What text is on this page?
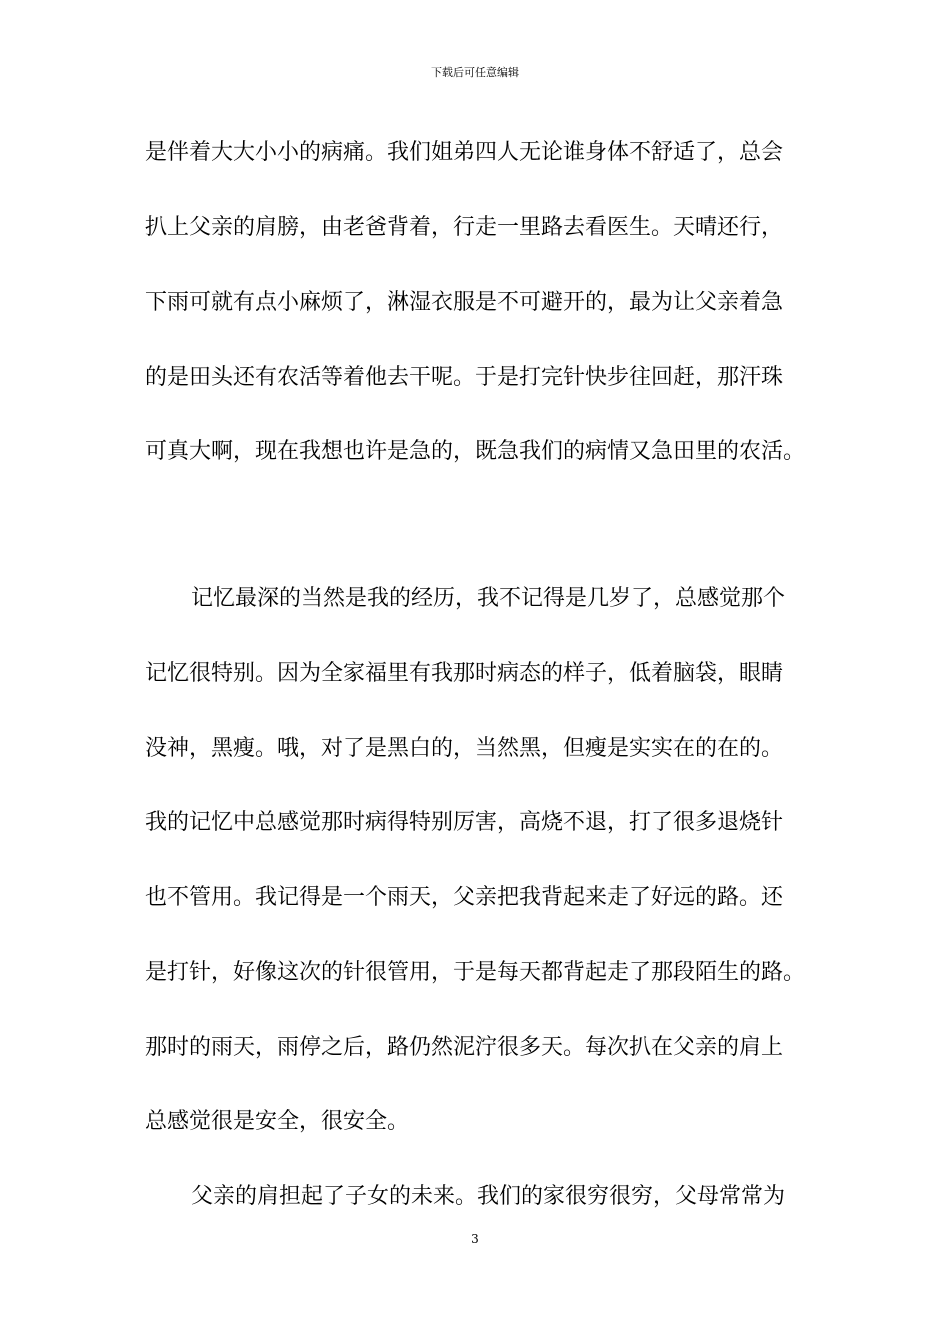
下载后可任意编辑
是伴着大大小小的病痛。我们姐弟四人无论谁身体不舒适了，总会
扒上父亲的肩膀，由老爸背着，行走一里路去看医生。天晴还行，
下雨可就有点小麻烦了，淋湿衣服是不可避开的，最为让父亲着急
的是田头还有农活等着他去干呢。于是打完针快步往回赶，那汗珠
可真大啊，现在我想也许是急的，既急我们的病情又急田里的农活。
记忆最深的当然是我的经历，我不记得是几岁了，总感觉那个
记忆很特别。因为全家福里有我那时病态的样子，低着脑袋，眼睛
没神，黑瘦。哦，对了是黑白的，当然黑，但瘦是实实在的在的。
我的记忆中总感觉那时病得特别厉害，高烧不退，打了很多退烧针
也不管用。我记得是一个雨天，父亲把我背起来走了好远的路。还
是打针，好像这次的针很管用，于是每天都背起走了那段陌生的路。
那时的雨天，雨停之后，路仍然泥泞很多天。每次扒在父亲的肩上
总感觉很是安全，很安全。
父亲的肩担起了子女的未来。我们的家很穷很穷，父母常常为
3
